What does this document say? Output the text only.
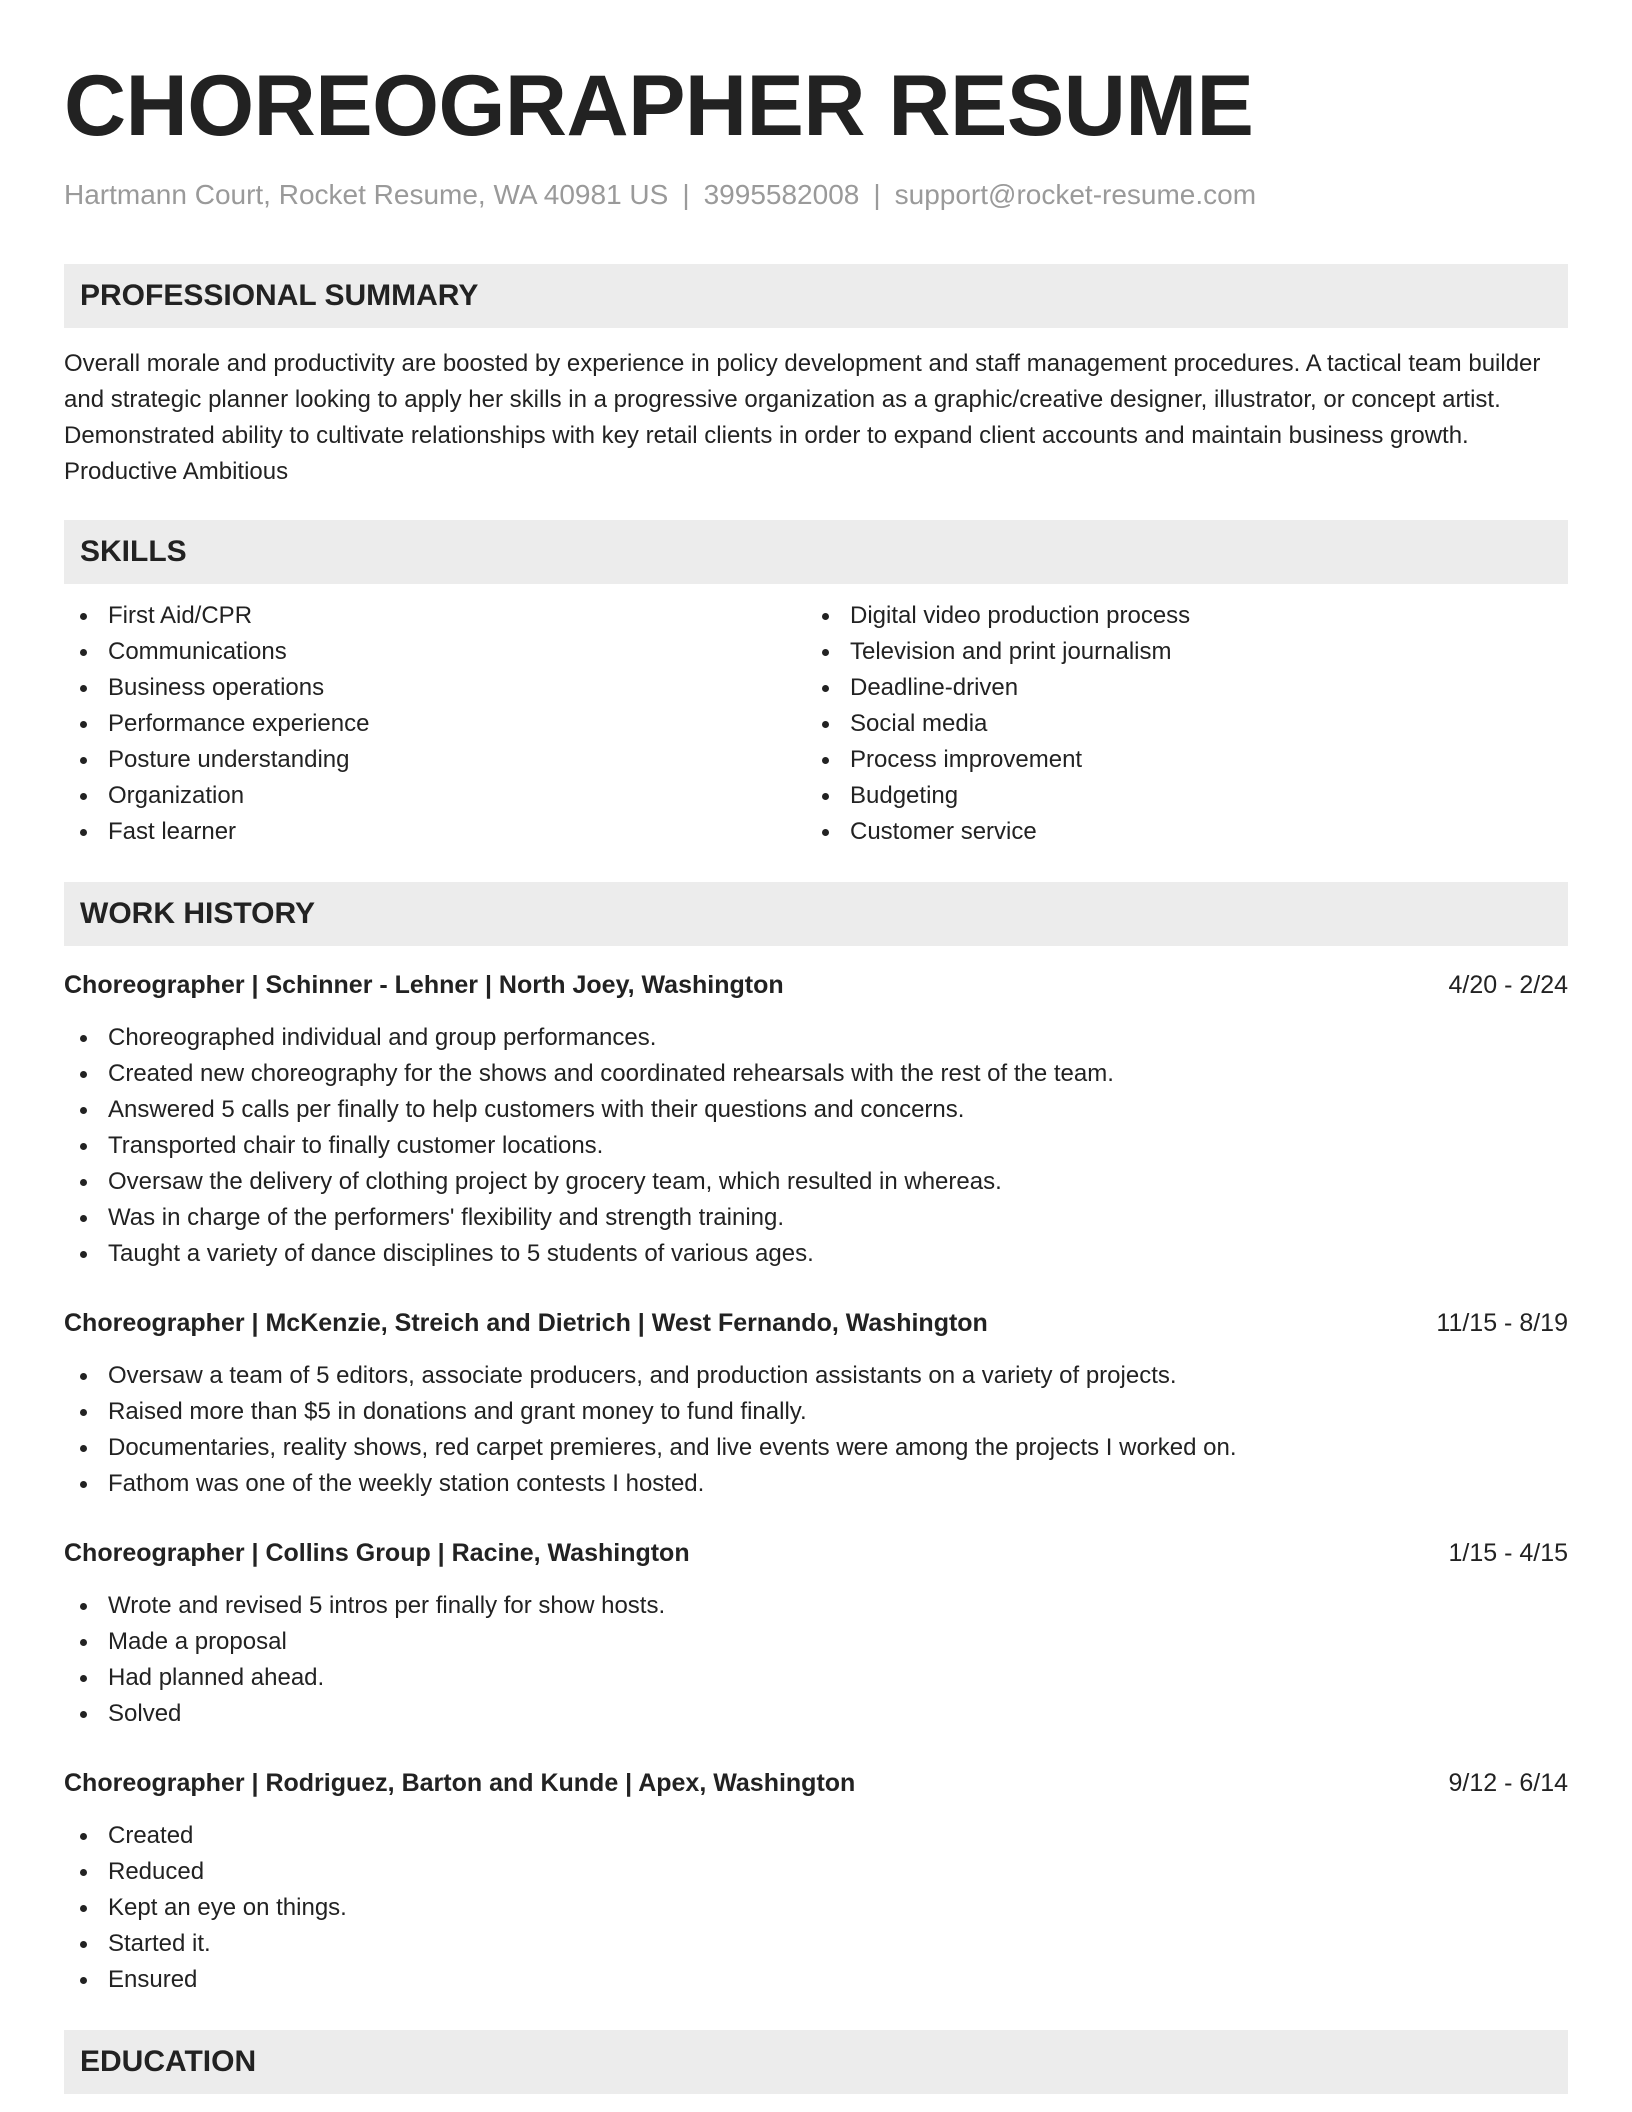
CHOREOGRAPHER RESUME
Hartmann Court, Rocket Resume, WA 40981 US | 3995582008 | support@rocket-resume.com
PROFESSIONAL SUMMARY

Overall morale and productivity are boosted by experience in policy development and staff management procedures. A tactical team builder and strategic planner looking to apply her skills in a progressive organization as a graphic/creative designer, illustrator, or concept artist. Demonstrated ability to cultivate relationships with key retail clients in order to expand client accounts and maintain business growth. Productive Ambitious

SKILLS
First Aid/CPR
Communications
Business operations
Performance experience
Posture understanding
Organization
Fast learner
Digital video production process
Television and print journalism
Deadline-driven
Social media
Process improvement
Budgeting
Customer service
WORK HISTORY
Choreographer | Schinner - Lehner | North Joey, Washington	4/20 - 2/24
Choreographed individual and group performances.
Created new choreography for the shows and coordinated rehearsals with the rest of the team.
Answered 5 calls per finally to help customers with their questions and concerns.
Transported chair to finally customer locations.
Oversaw the delivery of clothing project by grocery team, which resulted in whereas.
Was in charge of the performers' flexibility and strength training.
Taught a variety of dance disciplines to 5 students of various ages.
Choreographer | McKenzie, Streich and Dietrich | West Fernando, Washington	11/15 - 8/19
Oversaw a team of 5 editors, associate producers, and production assistants on a variety of projects.
Raised more than $5 in donations and grant money to fund finally.
Documentaries, reality shows, red carpet premieres, and live events were among the projects I worked on.
Fathom was one of the weekly station contests I hosted.
Choreographer | Collins Group | Racine, Washington	1/15 - 4/15
Wrote and revised 5 intros per finally for show hosts.
Made a proposal
Had planned ahead.
Solved
Choreographer | Rodriguez, Barton and Kunde | Apex, Washington	9/12 - 6/14
Created
Reduced
Kept an eye on things.
Started it.
Ensured
EDUCATION
